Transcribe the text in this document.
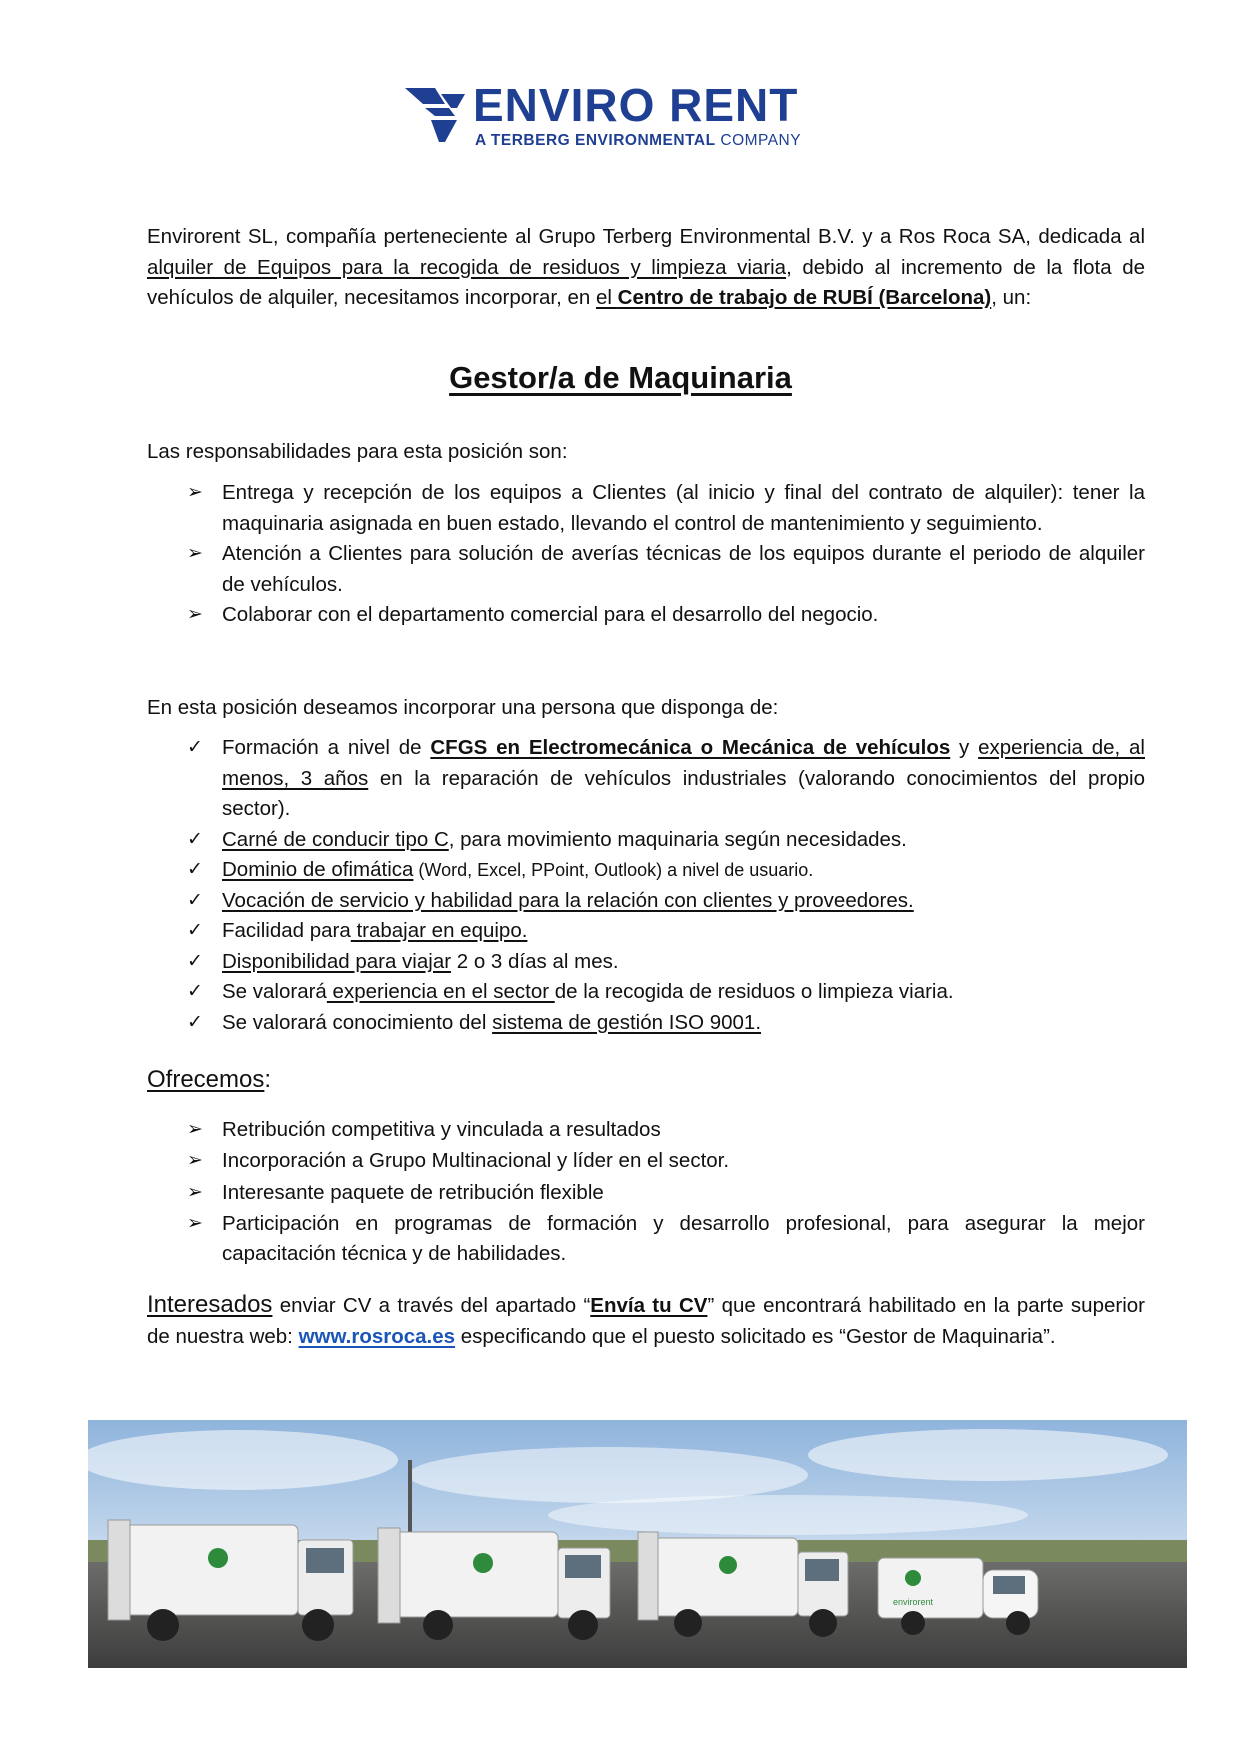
ENVIRO RENT
A TERBERG ENVIRONMENTAL COMPANY
Envirorent SL, compañía perteneciente al Grupo Terberg Environmental B.V. y a Ros Roca SA, dedicada al alquiler de Equipos para la recogida de residuos y limpieza viaria, debido al incremento de la flota de vehículos de alquiler, necesitamos incorporar, en el Centro de trabajo de RUBÍ (Barcelona), un:
Gestor/a de Maquinaria
Las responsabilidades para esta posición son:
➢ Entrega y recepción de los equipos a Clientes (al inicio y final del contrato de alquiler): tener la maquinaria asignada en buen estado, llevando el control de mantenimiento y seguimiento.
➢ Atención a Clientes para solución de averías técnicas de los equipos durante el periodo de alquiler de vehículos.
➢ Colaborar con el departamento comercial para el desarrollo del negocio.
En esta posición deseamos incorporar una persona que disponga de:
✓ Formación a nivel de CFGS en Electromecánica o Mecánica de vehículos y experiencia de, al menos, 3 años en la reparación de vehículos industriales (valorando conocimientos del propio sector).
✓ Carné de conducir tipo C, para movimiento maquinaria según necesidades.
✓ Dominio de ofimática (Word, Excel, PPoint, Outlook) a nivel de usuario.
✓ Vocación de servicio y habilidad para la relación con clientes y proveedores.
✓ Facilidad para trabajar en equipo.
✓ Disponibilidad para viajar 2 o 3 días al mes.
✓ Se valorará experiencia en el sector de la recogida de residuos o limpieza viaria.
✓ Se valorará conocimiento del sistema de gestión ISO 9001.
Ofrecemos:
➢ Retribución competitiva y vinculada a resultados
➢ Incorporación a Grupo Multinacional y líder en el sector.
➢ Interesante paquete de retribución flexible
➢ Participación en programas de formación y desarrollo profesional, para asegurar la mejor capacitación técnica y de habilidades.
Interesados enviar CV a través del apartado “Envía tu CV” que encontrará habilitado en la parte superior de nuestra web: www.rosroca.es especificando que el puesto solicitado es “Gestor de Maquinaria”.
envirorent
